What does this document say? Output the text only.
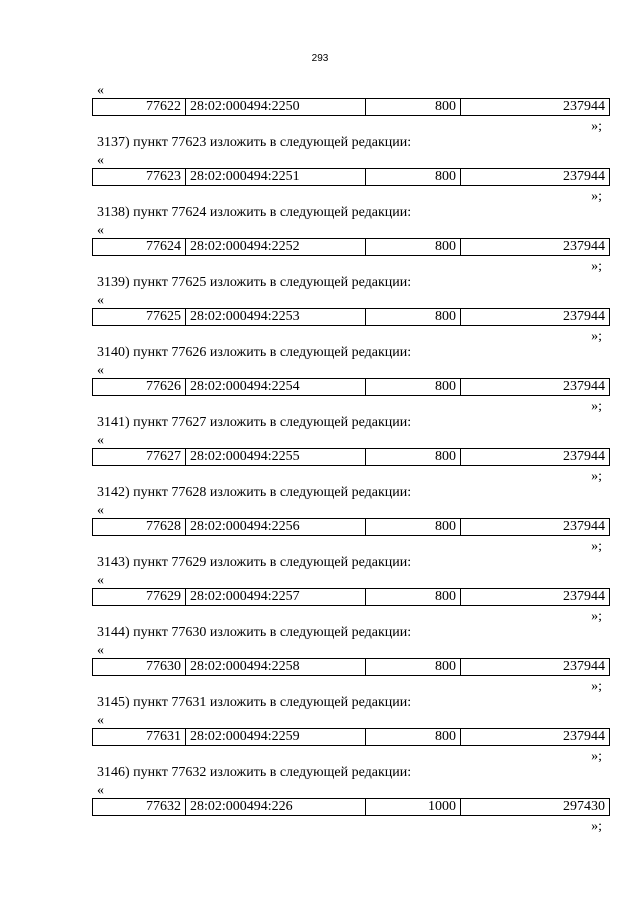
293
«
77622 28:02:000494:2250	800	237944
»;
3137) пункт 77623 изложить в следующей редакции:
«
77623 28:02:000494:2251	800	237944
»;
3138) пункт 77624 изложить в следующей редакции:
«
77624 28:02:000494:2252	800	237944
»;
3139) пункт 77625 изложить в следующей редакции:
«
77625 28:02:000494:2253	800	237944
»;
3140) пункт 77626 изложить в следующей редакции:
«
77626 28:02:000494:2254	800	237944
»;
3141) пункт 77627 изложить в следующей редакции:
«
77627 28:02:000494:2255	800	237944
»;
3142) пункт 77628 изложить в следующей редакции:
«
77628 28:02:000494:2256	800	237944
»;
3143) пункт 77629 изложить в следующей редакции:
«
77629 28:02:000494:2257	800	237944
»;
3144) пункт 77630 изложить в следующей редакции:
«
77630 28:02:000494:2258	800	237944
»;
3145) пункт 77631 изложить в следующей редакции:
«
77631 28:02:000494:2259	800	237944
»;
3146) пункт 77632 изложить в следующей редакции:
«
77632 28:02:000494:226	1000	297430
»;
